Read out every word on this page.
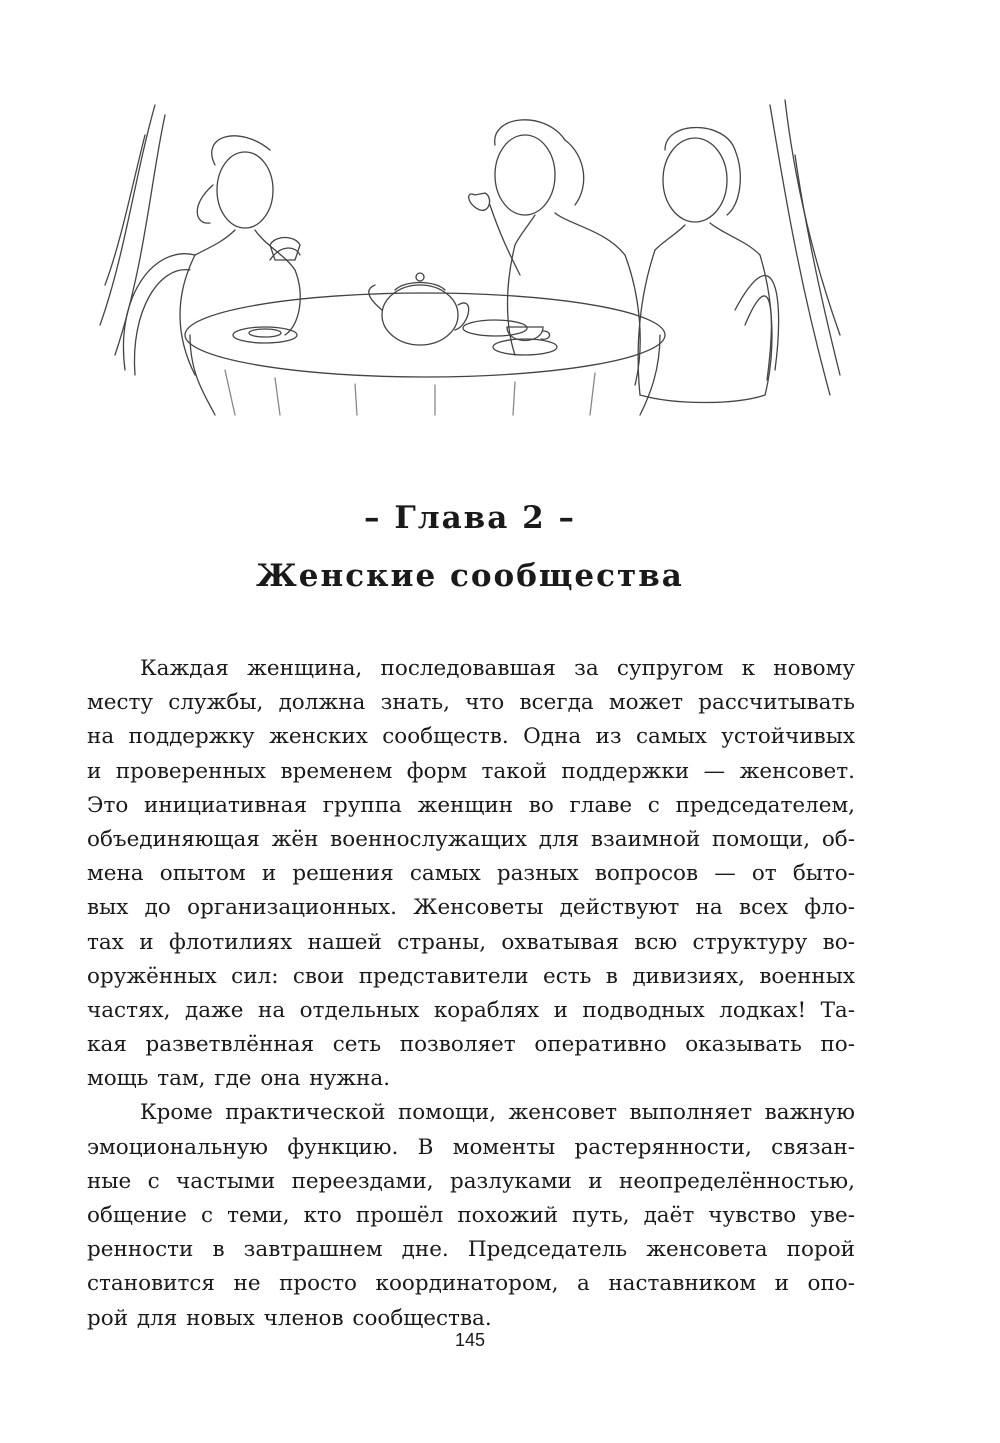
– Глава 2 –
Женские сообщества
Каждая женщина, последовавшая за супругом к новому
месту службы, должна знать, что всегда может рассчитывать
на поддержку женских сообществ. Одна из самых устойчивых
и проверенных временем форм такой поддержки — женсовет.
Это инициативная группа женщин во главе с председателем,
объединяющая жён военнослужащих для взаимной помощи, об-
мена опытом и решения самых разных вопросов — от быто-
вых до организационных. Женсоветы действуют на всех фло-
тах и флотилиях нашей страны, охватывая всю структуру во-
оружённых сил: свои представители есть в дивизиях, военных
частях, даже на отдельных кораблях и подводных лодках! Та-
кая разветвлённая сеть позволяет оперативно оказывать по-
мощь там, где она нужна.
Кроме практической помощи, женсовет выполняет важную
эмоциональную функцию. В моменты растерянности, связан-
ные с частыми переездами, разлуками и неопределённостью,
общение с теми, кто прошёл похожий путь, даёт чувство уве-
ренности в завтрашнем дне. Председатель женсовета порой
становится не просто координатором, а наставником и опо-
рой для новых членов сообщества.
145
